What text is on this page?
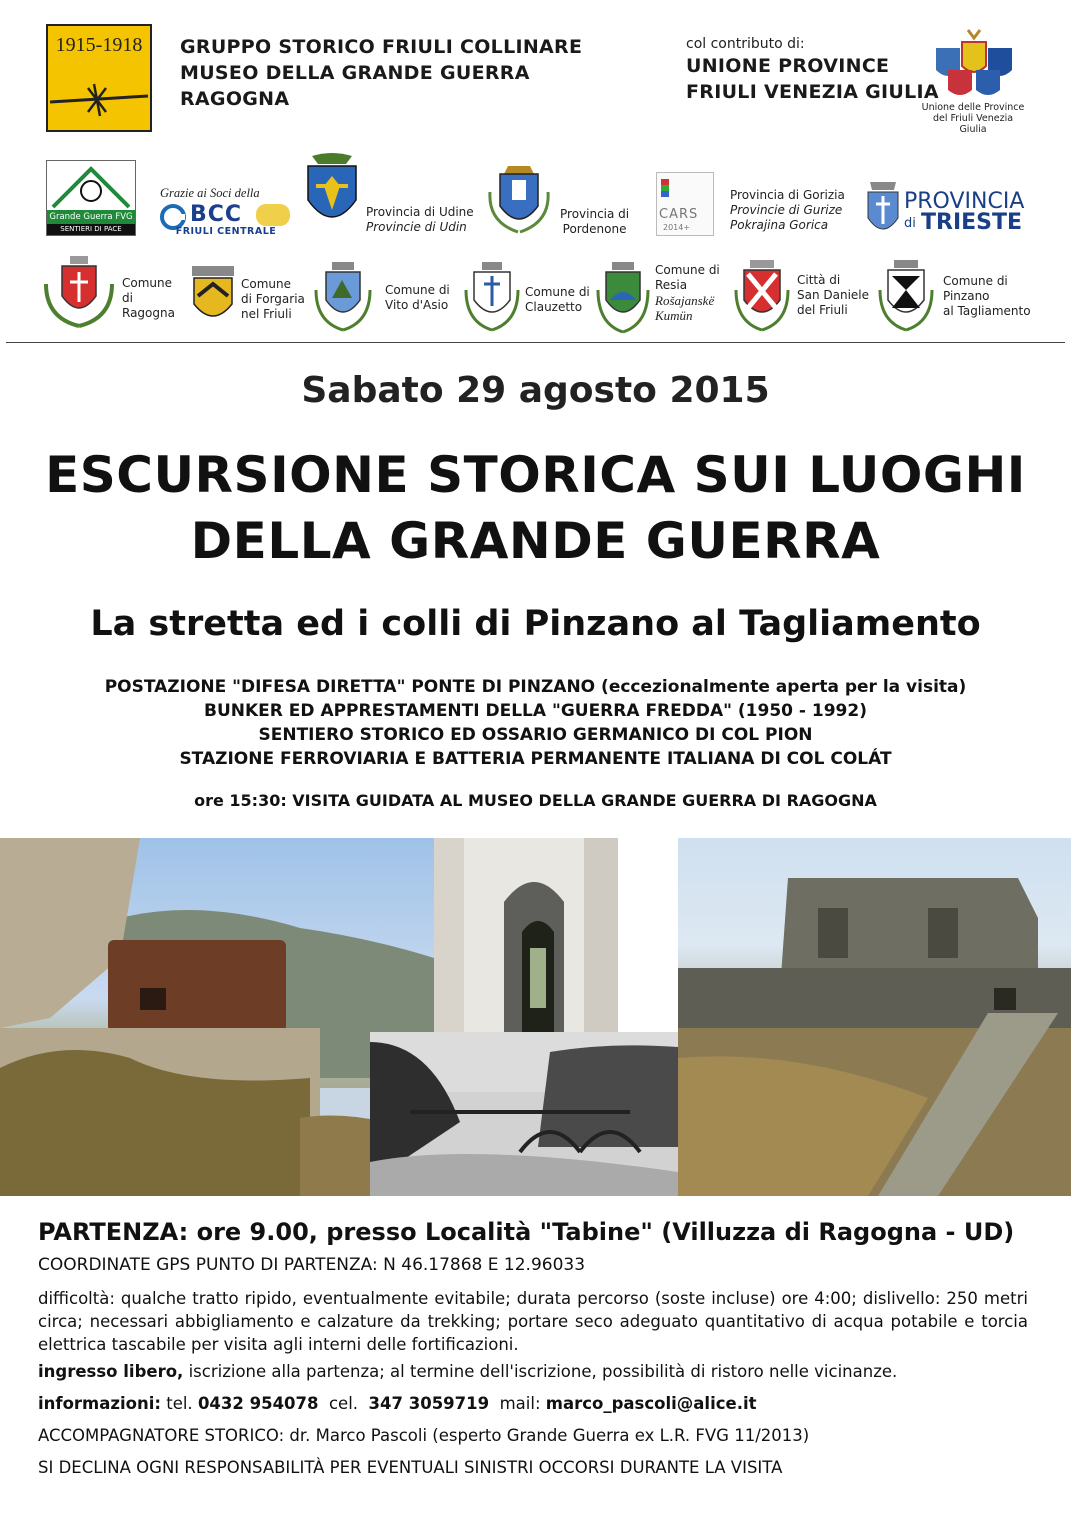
1915-1918	GRUPPO STORICO FRIULI COLLINARE
MUSEO DELLA GRANDE GUERRA
RAGOGNA
col contributo di:
UNIONE PROVINCE
FRIULI VENEZIA GIULIA
Unione delle Province
del Friuli Venezia Giulia
Grande Guerra FVG
SENTIERI DI PACE
Grazie ai Soci della
BCC
FRIULI CENTRALE
Provincia di Udine
Provincie di Udin
Provincia di
Pordenone
CARS
2014+
Provincia di Gorizia
Provincie di Gurize
Pokrajina Gorica
PROVINCIA
di TRIESTE
Comune
di
Ragogna
Comune
di Forgaria
nel Friuli
Comune di
Vito d'Asio
Comune di
Clauzetto
Comune di
Resia
Rošajanskë
Kumün
Città di
San Daniele
del Friuli
Comune di
Pinzano
al Tagliamento
Sabato 29 agosto 2015
ESCURSIONE STORICA SUI LUOGHI
DELLA GRANDE GUERRA
La stretta ed i colli di Pinzano al Tagliamento
POSTAZIONE "DIFESA DIRETTA" PONTE DI PINZANO (eccezionalmente aperta per la visita)
BUNKER ED APPRESTAMENTI DELLA "GUERRA FREDDA" (1950 - 1992)
SENTIERO STORICO ED OSSARIO GERMANICO DI COL PION
STAZIONE FERROVIARIA E BATTERIA PERMANENTE ITALIANA DI COL COLÁT
ore 15:30: VISITA GUIDATA AL MUSEO DELLA GRANDE GUERRA DI RAGOGNA
PARTENZA: ore 9.00, presso Località "Tabine" (Villuzza di Ragogna - UD)
COORDINATE GPS PUNTO DI PARTENZA: N 46.17868 E 12.96033
difficoltà: qualche tratto ripido, eventualmente evitabile; durata percorso (soste incluse) ore 4:00; dislivello: 250 metri circa; necessari abbigliamento e calzature da trekking; portare seco adeguato quantitativo di acqua potabile e torcia elettrica tascabile per visita agli interni delle fortificazioni.
ingresso libero, iscrizione alla partenza; al termine dell'iscrizione, possibilità di ristoro nelle vicinanze.
informazioni: tel. 0432 954078  cel.  347 3059719  mail: marco_pascoli@alice.it
ACCOMPAGNATORE STORICO: dr. Marco Pascoli (esperto Grande Guerra ex L.R. FVG 11/2013)
SI DECLINA OGNI RESPONSABILITÀ PER EVENTUALI SINISTRI OCCORSI DURANTE LA VISITA
